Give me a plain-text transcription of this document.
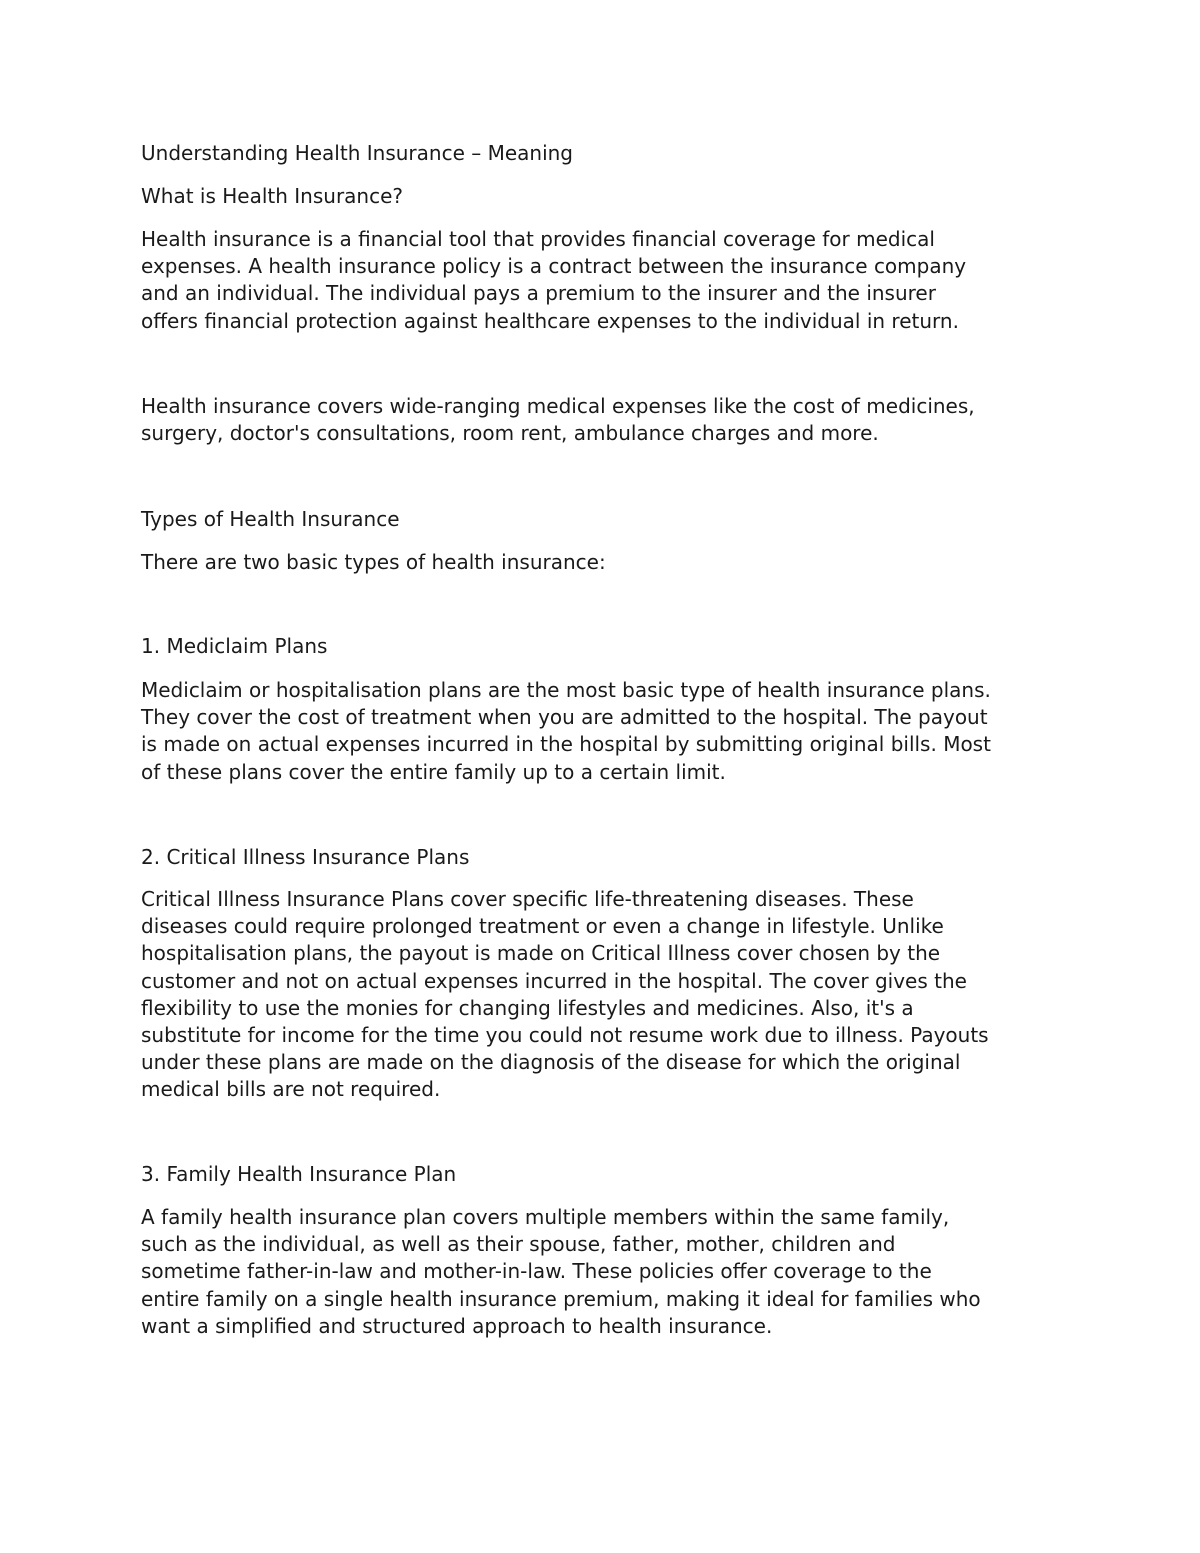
Understanding Health Insurance – Meaning

What is Health Insurance?

Health insurance is a financial tool that provides financial coverage for medical
expenses. A health insurance policy is a contract between the insurance company
and an individual. The individual pays a premium to the insurer and the insurer
offers financial protection against healthcare expenses to the individual in return.
Health insurance covers wide-ranging medical expenses like the cost of medicines,
surgery, doctor's consultations, room rent, ambulance charges and more.

Types of Health Insurance

There are two basic types of health insurance:

1. Mediclaim Plans

Mediclaim or hospitalisation plans are the most basic type of health insurance plans.
They cover the cost of treatment when you are admitted to the hospital. The payout
is made on actual expenses incurred in the hospital by submitting original bills. Most
of these plans cover the entire family up to a certain limit.

2. Critical Illness Insurance Plans

Critical Illness Insurance Plans cover specific life-threatening diseases. These
diseases could require prolonged treatment or even a change in lifestyle. Unlike
hospitalisation plans, the payout is made on Critical Illness cover chosen by the
customer and not on actual expenses incurred in the hospital. The cover gives the
flexibility to use the monies for changing lifestyles and medicines. Also, it's a
substitute for income for the time you could not resume work due to illness. Payouts
under these plans are made on the diagnosis of the disease for which the original
medical bills are not required.

3. Family Health Insurance Plan

A family health insurance plan covers multiple members within the same family,
such as the individual, as well as their spouse, father, mother, children and
sometime father-in-law and mother-in-law. These policies offer coverage to the
entire family on a single health insurance premium, making it ideal for families who
want a simplified and structured approach to health insurance.
